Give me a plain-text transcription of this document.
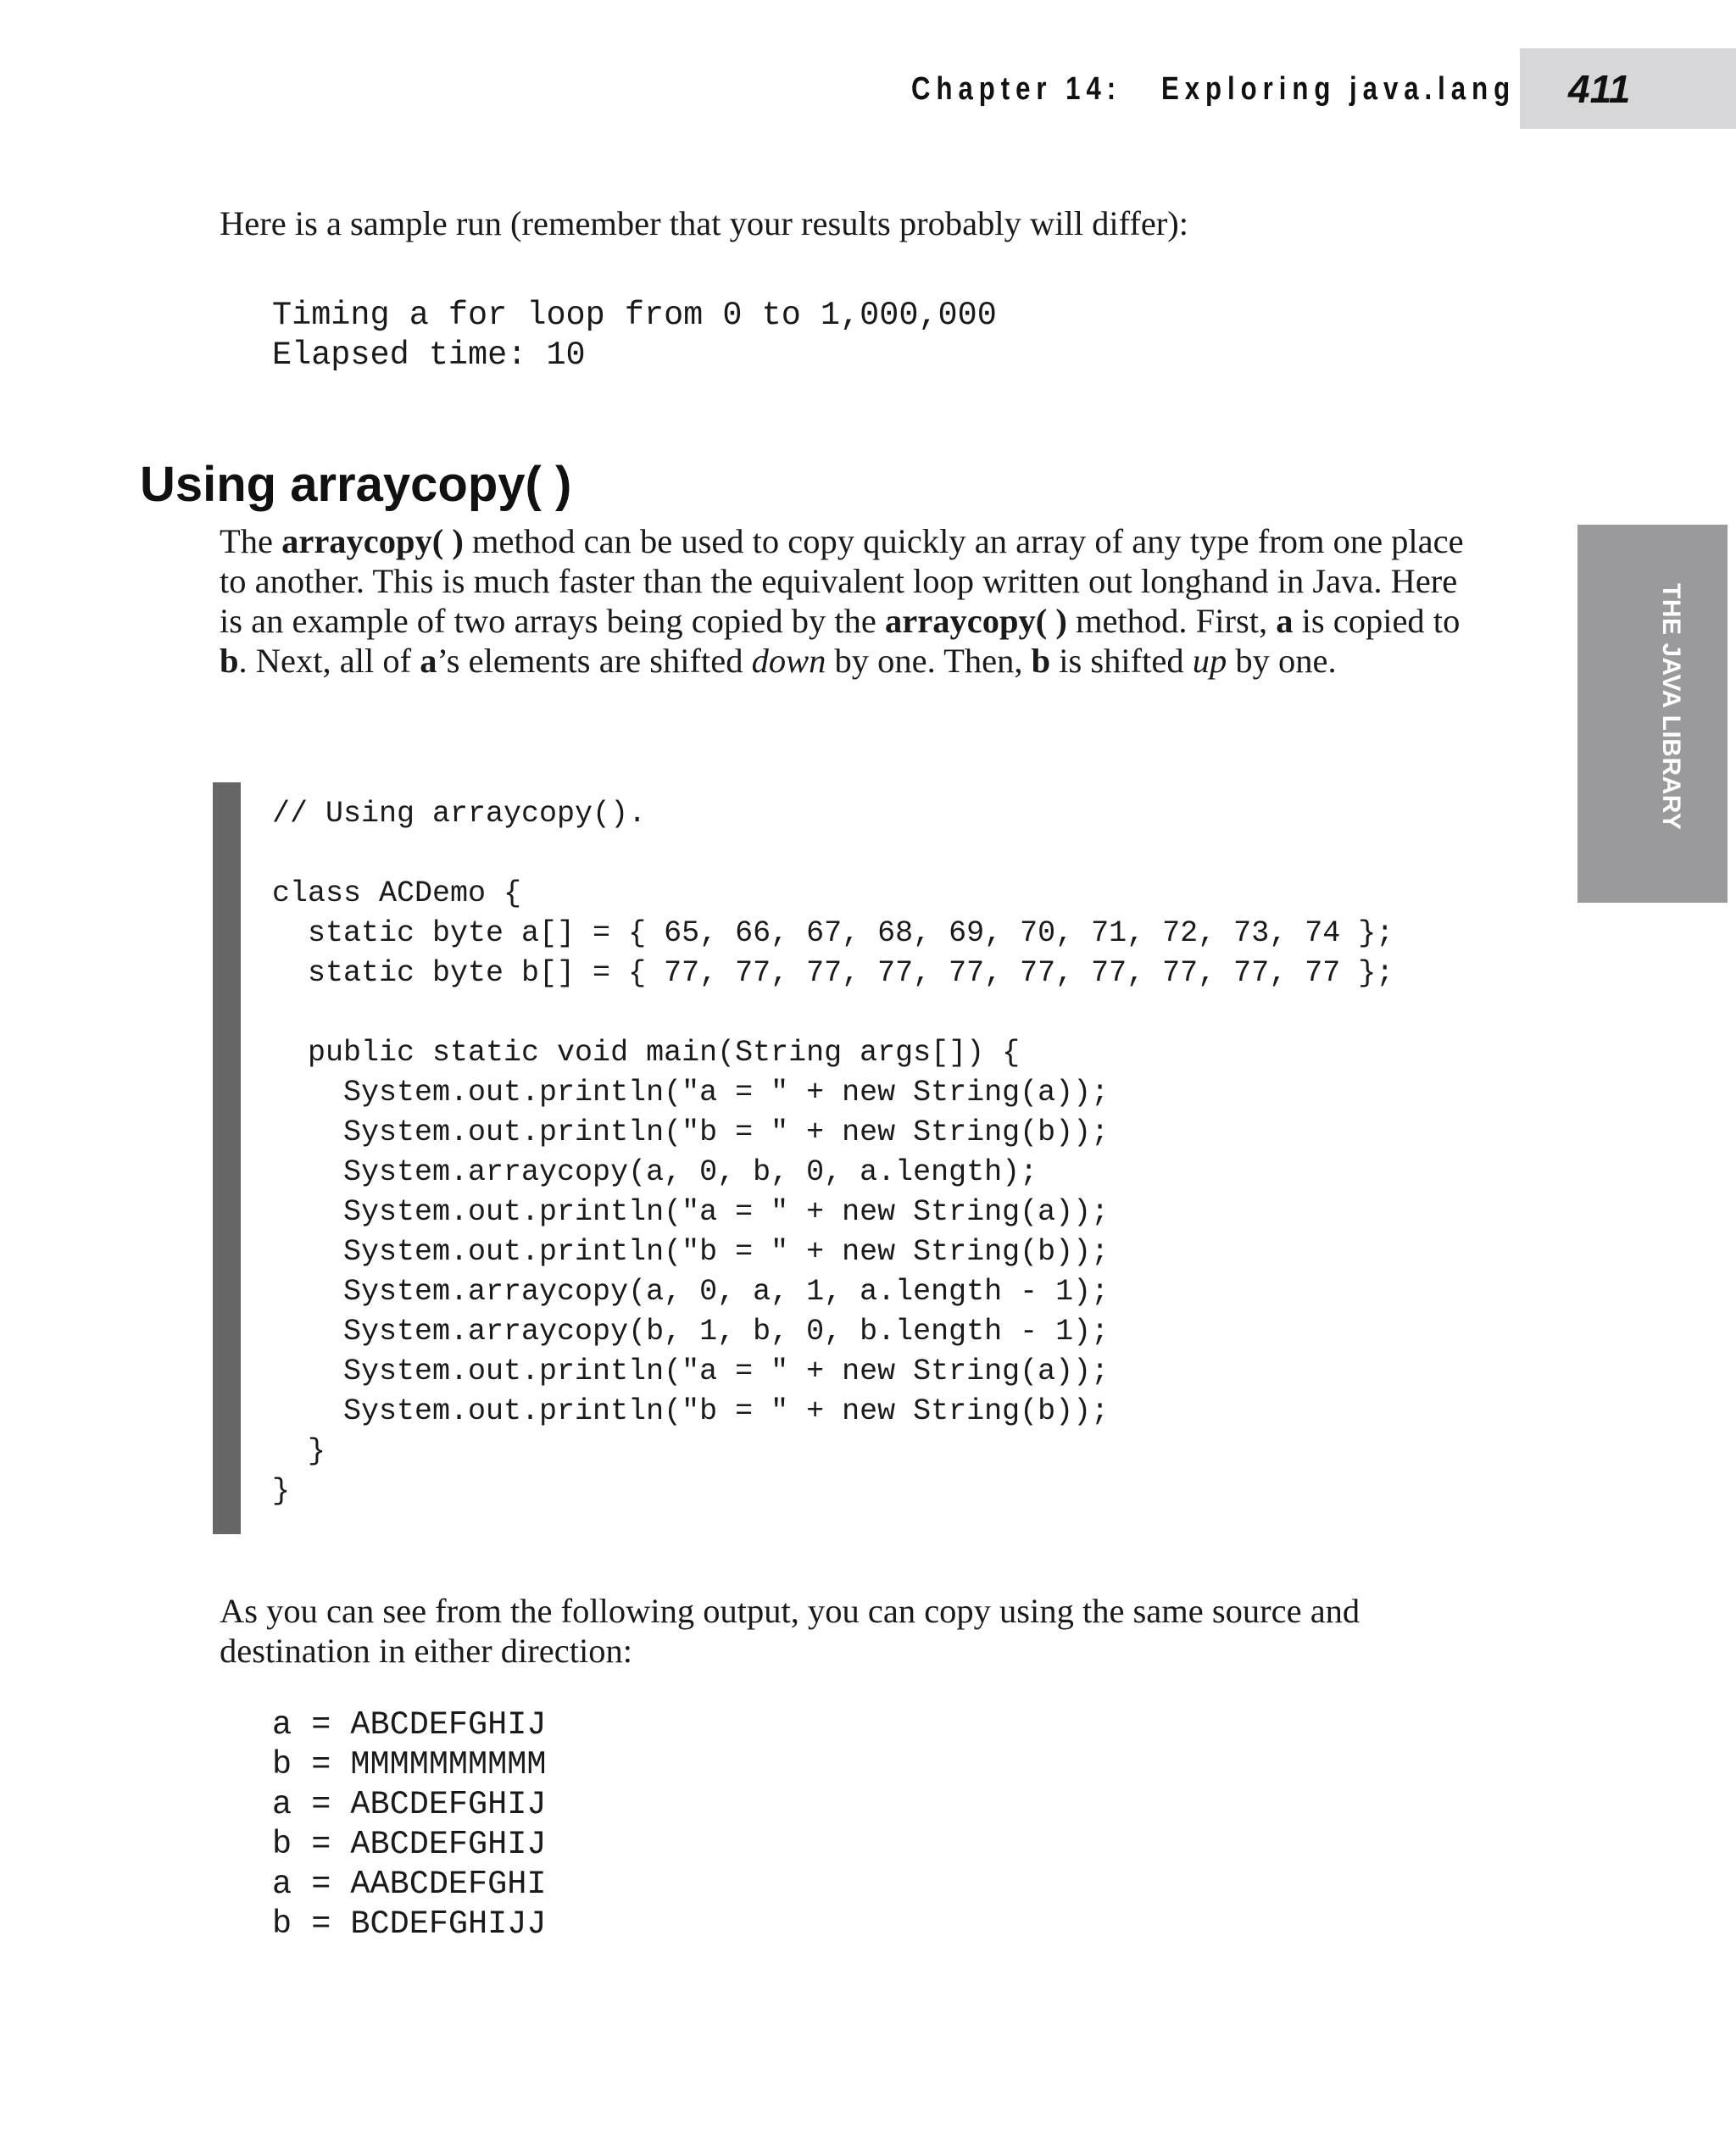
Chapter 14:   Exploring java.lang 411
THE JAVA LIBRARY

Here is a sample run (remember that your results probably will differ):

Timing a for loop from 0 to 1,000,000
Elapsed time: 10
Using arraycopy( )

The arraycopy( ) method can be used to copy quickly an array of any type from one place to another. This is much faster than the equivalent loop written out longhand in Java. Here is an example of two arrays being copied by the arraycopy( ) method. First, a is copied to b. Next, all of a’s elements are shifted down by one. Then, b is shifted up by one.

// Using arraycopy().
class ACDemo {
static byte a[] = { 65, 66, 67, 68, 69, 70, 71, 72, 73, 74 };
static byte b[] = { 77, 77, 77, 77, 77, 77, 77, 77, 77, 77 };
public static void main(String args[]) {
System.out.println("a = " + new String(a));
System.out.println("b = " + new String(b));
System.arraycopy(a, 0, b, 0, a.length);
System.out.println("a = " + new String(a));
System.out.println("b = " + new String(b));
System.arraycopy(a, 0, a, 1, a.length - 1);
System.arraycopy(b, 1, b, 0, b.length - 1);
System.out.println("a = " + new String(a));
System.out.println("b = " + new String(b));
}
}

As you can see from the following output, you can copy using the same source and destination in either direction:

a = ABCDEFGHIJ
b = MMMMMMMMMM
a = ABCDEFGHIJ
b = ABCDEFGHIJ
a = AABCDEFGHI
b = BCDEFGHIJJ
